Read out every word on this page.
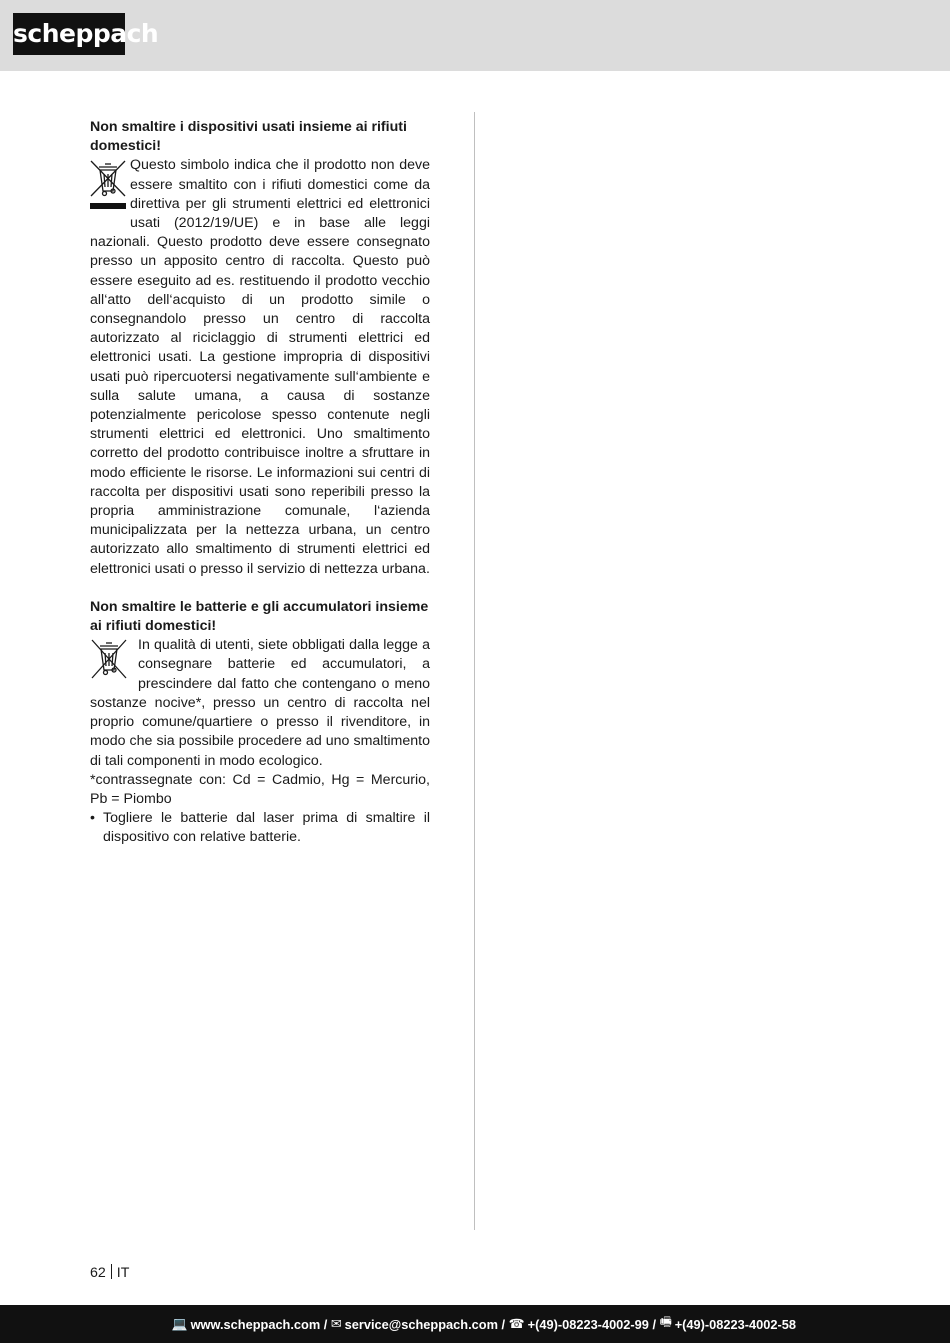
scheppach

Non smaltire i dispositivi usati insieme ai rifiuti domestici!

Questo simbolo indica che il prodotto non deve essere smaltito con i rifiuti domestici come da direttiva per gli strumenti elettrici ed elettronici usati (2012/19/UE) e in base alle leggi nazionali. Questo prodotto deve essere consegnato presso un apposito centro di raccolta. Questo può essere eseguito ad es. restituendo il prodotto vecchio all‘atto dell‘acquisto di un prodotto simile o consegnandolo presso un centro di raccolta autorizzato al riciclaggio di strumenti elettrici ed elettronici usati. La gestione impropria di dispositivi usati può ripercuotersi negativamente sull‘ambiente e sulla salute umana, a causa di sostanze potenzialmente pericolose spesso contenute negli strumenti elettrici ed elettronici. Uno smaltimento corretto del prodotto contribuisce inoltre a sfruttare in modo efficiente le risorse. Le informazioni sui centri di raccolta per dispositivi usati sono reperibili presso la propria amministrazione comunale, l‘azienda municipalizzata per la nettezza urbana, un centro autorizzato allo smaltimento di strumenti elettrici ed elettronici usati o presso il servizio di nettezza urbana.

Non smaltire le batterie e gli accumulatori insieme ai rifiuti domestici!

In qualità di utenti, siete obbligati dalla legge a consegnare batterie ed accumulatori, a prescindere dal fatto che contengano o meno sostanze nocive*, presso un centro di raccolta nel proprio comune/quartiere o presso il rivenditore, in modo che sia possibile procedere ad uno smaltimento di tali componenti in modo ecologico.

*contrassegnate con: Cd = Cadmio, Hg = Mercurio, Pb = Piombo

• Togliere le batterie dal laser prima di smaltire il dispositivo con relative batterie.
62 IT
💻 www.scheppach.com / ✉ service@scheppach.com / ☎ +(49)-08223-4002-99 / 🖷 +(49)-08223-4002-58
